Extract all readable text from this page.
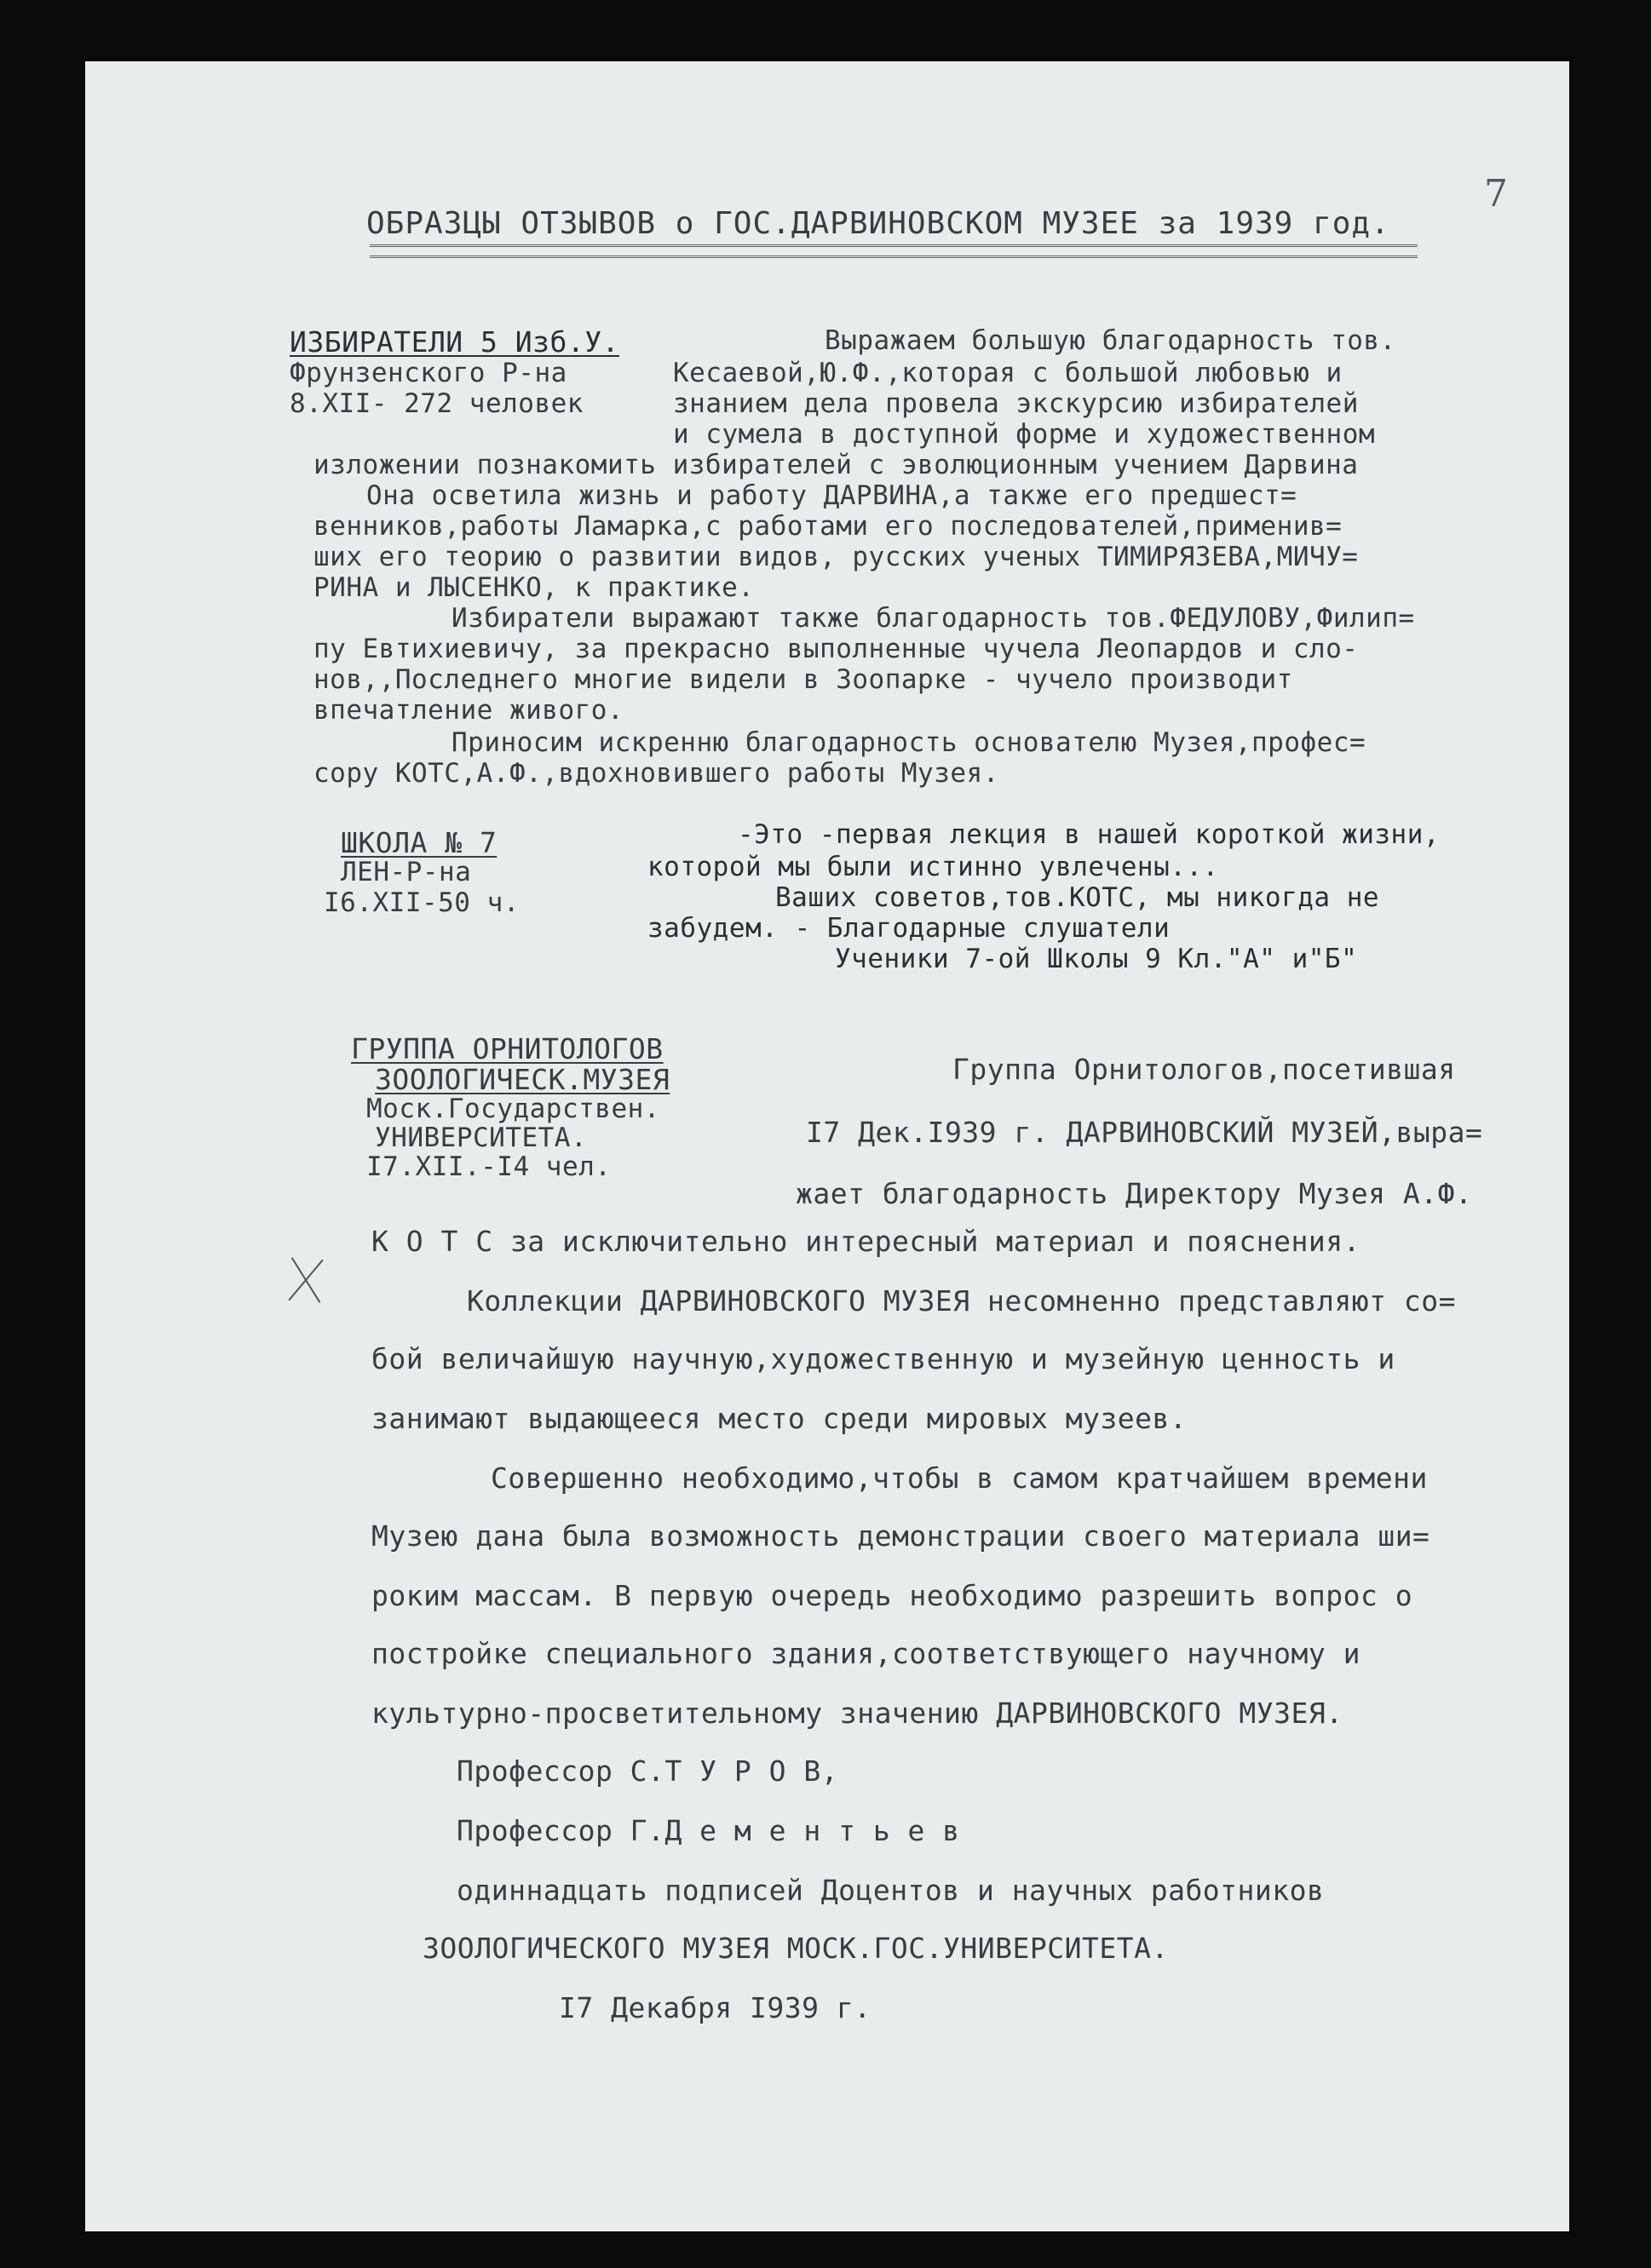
7
ОБРАЗЦЫ ОТЗЫВОВ о ГОС.ДАРВИНОВСКОМ МУЗЕЕ за 1939 год.
ИЗБИРАТЕЛИ 5 Изб.У.
Фрунзенского Р-на
8.XII- 272 человек
Выражаем большую благодарность тов.
Кесаевой,Ю.Ф.,которая с большой любовью и
знанием дела провела экскурсию избирателей
и сумела в доступной форме и художественном
изложении познакомить избирателей с эволюционным учением Дарвина
Она осветила жизнь и работу ДАРВИНА,а также его предшест=
венников,работы Ламарка,с работами его последователей,применив=
ших его теорию о развитии видов, русских ученых ТИМИРЯЗЕВА,МИЧУ=
РИНА и ЛЫСЕНКО, к практике.
Избиратели выражают также благодарность тов.ФЕДУЛОВУ,Филип=
пу Евтихиевичу, за прекрасно выполненные чучела Леопардов и сло-
нов,,Последнего многие видели в Зоопарке - чучело производит
впечатление живого.
Приносим искренню благодарность основателю Музея,профес=
сору КОТС,А.Ф.,вдохновившего работы Музея.
ШКОЛА № 7
ЛЕН-Р-на
I6.XII-50 ч.
-Это -первая лекция в нашей короткой жизни,
которой мы были истинно увлечены...
Ваших советов,тов.КОТС, мы никогда не
забудем. - Благодарные слушатели
Ученики 7-ой Школы 9 Кл."А" и"Б"
ГРУППА ОРНИТОЛОГОВ
ЗООЛОГИЧЕСК.МУЗЕЯ
Моск.Государствен.
УНИВЕРСИТЕТА.
I7.XII.-I4 чел.
Группа Орнитологов,посетившая
I7 Дек.I939 г. ДАРВИНОВСКИЙ МУЗЕЙ,выра=
жает благодарность Директору Музея А.Ф.
К О Т С за исключительно интересный материал и пояснения.
Коллекции ДАРВИНОВСКОГО МУЗЕЯ несомненно представляют со=
бой величайшую научную,художественную и музейную ценность и
занимают выдающееся место среди мировых музеев.
Совершенно необходимо,чтобы в самом кратчайшем времени
Музею дана была возможность демонстрации своего материала ши=
роким массам. В первую очередь необходимо разрешить вопрос о
постройке специального здания,соответствующего научному и
культурно-просветительному значению ДАРВИНОВСКОГО МУЗЕЯ.
Профессор С.Т У Р О В,
Профессор Г.Д е м е н т ь е в
одиннадцать подписей Доцентов и научных работников
ЗООЛОГИЧЕСКОГО МУЗЕЯ МОСК.ГОС.УНИВЕРСИТЕТА.
I7 Декабря I939 г.
